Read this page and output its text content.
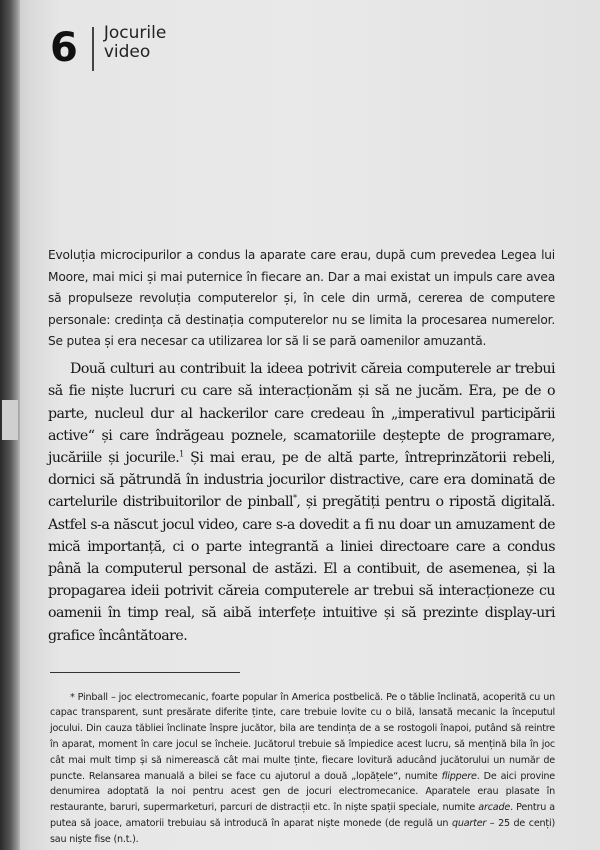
6 Jocurile
video

Evoluția microcipurilor a condus la aparate care erau, după cum prevedea Legea lui Moore, mai mici și mai puternice în fiecare an. Dar a mai existat un impuls care avea să propulseze revoluția computerelor și, în cele din urmă, cererea de computere personale: credința că destinația computerelor nu se limita la procesarea numerelor. Se putea și era necesar ca utilizarea lor să li se pară oamenilor amuzantă.

Două culturi au contribuit la ideea potrivit căreia computerele ar trebui să fie niște lucruri cu care să interacționăm și să ne jucăm. Era, pe de o parte, nucleul dur al hackerilor care credeau în „imperativul participării active“ și care îndrăgeau poznele, scamatoriile deștepte de programare, jucăriile și jocurile.$^1$ Și mai erau, pe de altă parte, întreprinzătorii rebeli, dornici să pătrundă în industria jocurilor distractive, care era dominată de cartelurile distribuitorilor de pinball*, și pregătiți pentru o ripostă digitală. Astfel s-a născut jocul video, care s-a dovedit a fi nu doar un amuzament de mică importanță, ci o parte integrantă a liniei directoare care a condus până la computerul personal de astăzi. El a contibuit, de asemenea, și la propagarea ideii potrivit căreia computerele ar trebui să interacționeze cu oamenii în timp real, să aibă interfețe intuitive și să prezinte display-uri grafice încântătoare.

* Pinball – joc electromecanic, foarte popular în America postbelică. Pe o tăblie înclinată, acoperită cu un capac transparent, sunt presărate diferite ținte, care trebuie lovite cu o bilă, lansată mecanic la începutul jocului. Din cauza tăbliei înclinate înspre jucător, bila are tendința de a se rostogoli înapoi, putând să reintre în aparat, moment în care jocul se încheie. Jucătorul trebuie să împiedice acest lucru, să mențină bila în joc cât mai mult timp și să nimerească cât mai multe ținte, fiecare lovitură aducând jucătorului un număr de puncte. Relansarea manuală a bilei se face cu ajutorul a două „lopățele“, numite flippere. De aici provine denumirea adoptată la noi pentru acest gen de jocuri electromecanice. Aparatele erau plasate în restaurante, baruri, supermarketuri, parcuri de distracții etc. în niște spații speciale, numite arcade. Pentru a putea să joace, amatorii trebuiau să introducă în aparat niște monede (de regulă un quarter – 25 de cenți) sau niște fise (n.t.).
